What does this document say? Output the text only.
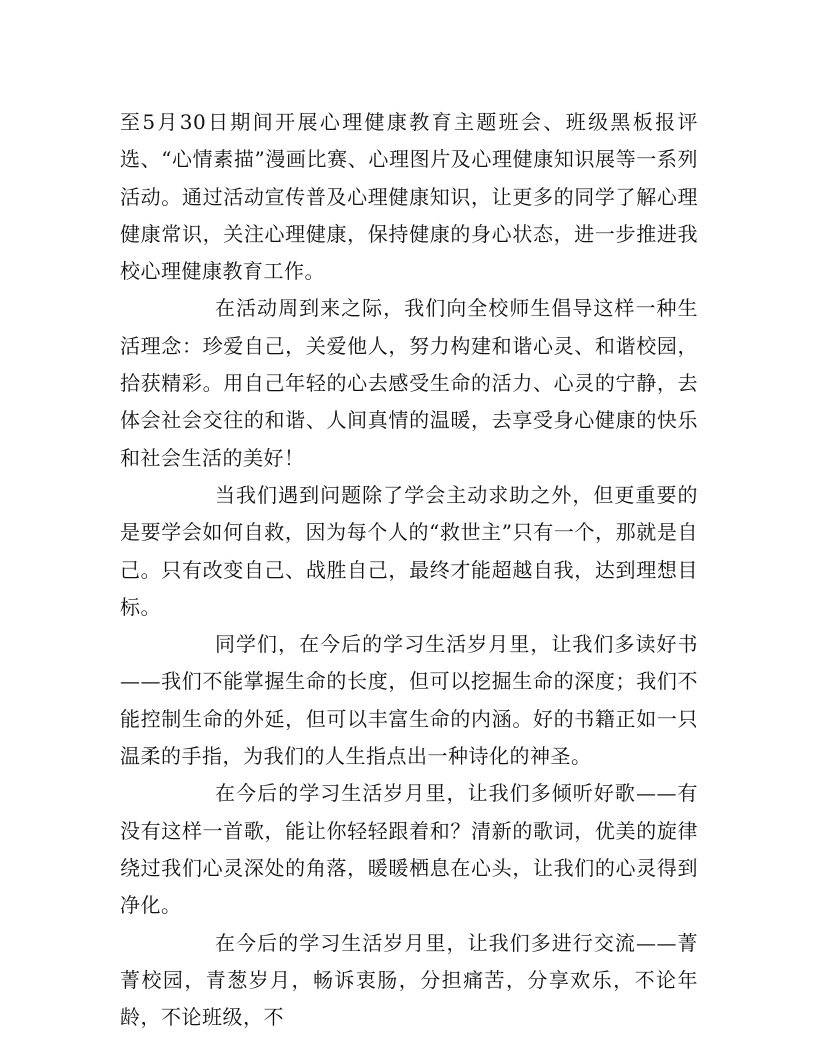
至5月30日期间开展心理健康教育主题班会、班级黑板报评选、“心情素描”漫画比赛、心理图片及心理健康知识展等一系列活动。通过活动宣传普及心理健康知识，让更多的同学了解心理健康常识，关注心理健康，保持健康的身心状态，进一步推进我校心理健康教育工作。

在活动周到来之际，我们向全校师生倡导这样一种生活理念：珍爱自己，关爱他人，努力构建和谐心灵、和谐校园，拾获精彩。用自己年轻的心去感受生命的活力、心灵的宁静，去体会社会交往的和谐、人间真情的温暖，去享受身心健康的快乐和社会生活的美好！

当我们遇到问题除了学会主动求助之外，但更重要的是要学会如何自救，因为每个人的“救世主”只有一个，那就是自己。只有改变自己、战胜自己，最终才能超越自我，达到理想目标。

同学们，在今后的学习生活岁月里，让我们多读好书——我们不能掌握生命的长度，但可以挖掘生命的深度；我们不能控制生命的外延，但可以丰富生命的内涵。好的书籍正如一只温柔的手指，为我们的人生指点出一种诗化的神圣。

在今后的学习生活岁月里，让我们多倾听好歌——有没有这样一首歌，能让你轻轻跟着和？清新的歌词，优美的旋律绕过我们心灵深处的角落，暖暖栖息在心头，让我们的心灵得到净化。

在今后的学习生活岁月里，让我们多进行交流——菁菁校园，青葱岁月，畅诉衷肠，分担痛苦，分享欢乐，不论年龄，不论班级，不
